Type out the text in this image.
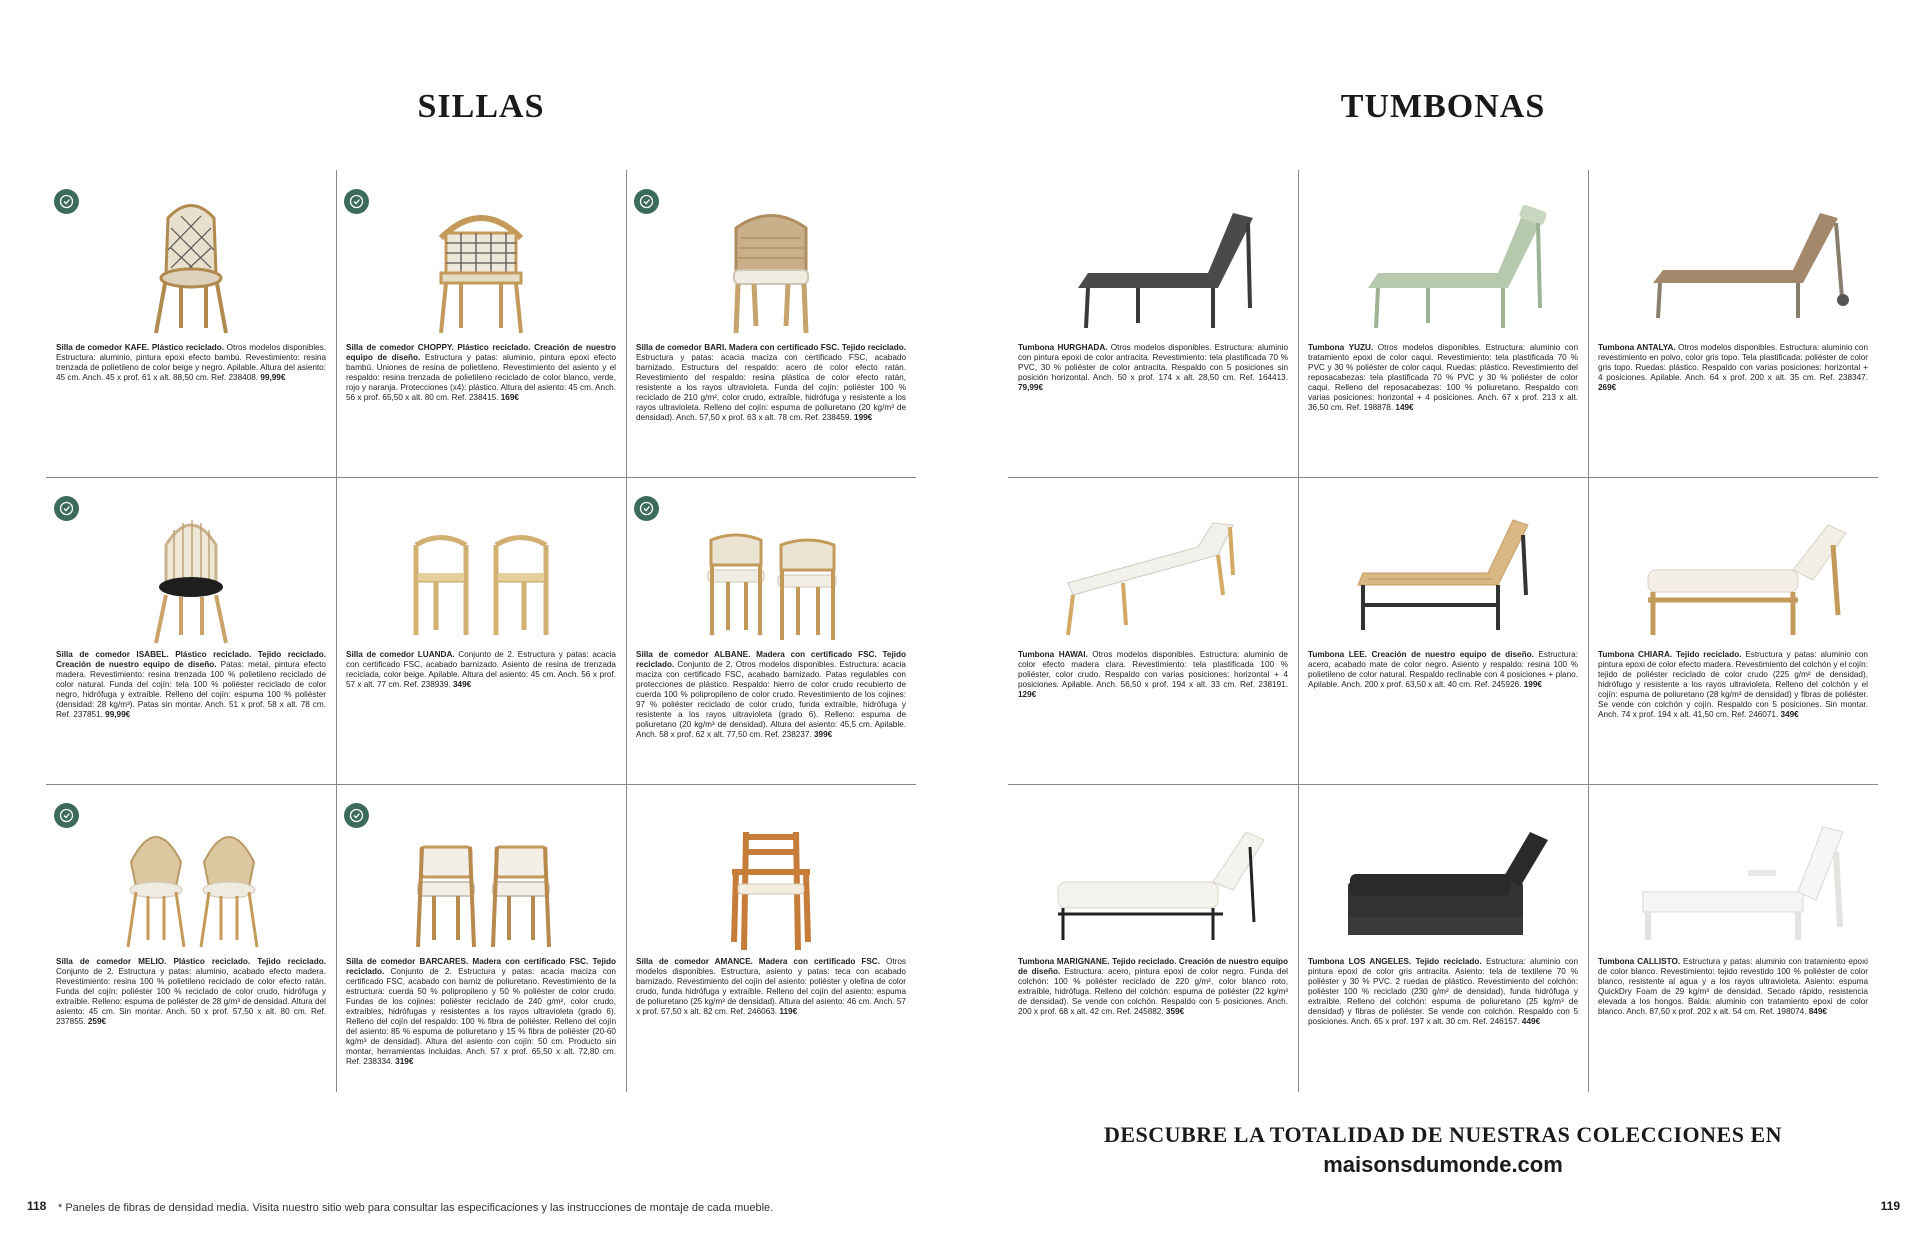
SILLAS	TUMBONAS
Silla de comedor KAFE. Plástico reciclado. Otros modelos disponibles. Estructura: aluminio, pintura epoxi efecto bambú. Revestimiento: resina trenzada de polietileno de color beige y negro. Apilable. Altura del asiento: 45 cm. Anch. 45 x prof. 61 x alt. 88,50 cm. Ref. 238408. 99,99€
Silla de comedor CHOPPY. Plástico reciclado. Creación de nuestro equipo de diseño. Estructura y patas: aluminio, pintura epoxi efecto bambú. Uniones de resina de polietileno. Revestimiento del asiento y el respaldo: resina trenzada de polietileno reciclado de color blanco, verde, rojo y naranja. Protecciones (x4): plástico. Altura del asiento: 45 cm. Anch. 56 x prof. 65,50 x alt. 80 cm. Ref. 238415. 169€
Silla de comedor BARI. Madera con certificado FSC. Tejido reciclado. Estructura y patas: acacia maciza con certificado FSC, acabado barnizado. Estructura del respaldo: acero de color efecto ratán. Revestimiento del respaldo: resina plástica de color efecto ratán, resistente a los rayos ultravioleta. Funda del cojín: poliéster 100 % reciclado de 210 g/m², color crudo, extraíble, hidrófuga y resistente a los rayos ultravioleta. Relleno del cojín: espuma de poliuretano (20 kg/m³ de densidad). Anch. 57,50 x prof. 63 x alt. 78 cm. Ref. 238459. 199€
Silla de comedor ISABEL. Plástico reciclado. Tejido reciclado. Creación de nuestro equipo de diseño. Patas: metal, pintura efecto madera. Revestimiento: resina trenzada 100 % polietileno reciclado de color natural. Funda del cojín: tela 100 % poliéster reciclado de color negro, hidrófuga y extraíble. Relleno del cojín: espuma 100 % poliéster (densidad: 28 kg/m³). Patas sin montar. Anch. 51 x prof. 58 x alt. 78 cm. Ref. 237851. 99,99€
Silla de comedor LUANDA. Conjunto de 2. Estructura y patas: acacia con certificado FSC, acabado barnizado. Asiento de resina de trenzada reciclada, color beige. Apilable. Altura del asiento: 45 cm. Anch. 56 x prof. 57 x alt. 77 cm. Ref. 238939. 349€
Silla de comedor ALBANE. Madera con certificado FSC. Tejido reciclado. Conjunto de 2. Otros modelos disponibles. Estructura: acacia maciza con certificado FSC, acabado barnizado. Patas regulables con protecciones de plástico. Respaldo: hierro de color crudo recubierto de cuerda 100 % polipropileno de color crudo. Revestimiento de los cojines: 97 % poliéster reciclado de color crudo, funda extraíble, hidrófuga y resistente a los rayos ultravioleta (grado 6). Relleno: espuma de poliuretano (20 kg/m³ de densidad). Altura del asiento: 45,5 cm. Apilable. Anch. 58 x prof. 62 x alt. 77,50 cm. Ref. 238237. 399€
Silla de comedor MELIO. Plástico reciclado. Tejido reciclado. Conjunto de 2. Estructura y patas: aluminio, acabado efecto madera. Revestimiento: resina 100 % polietileno reciclado de color efecto ratán. Funda del cojín: poliéster 100 % reciclado de color crudo, hidrófuga y extraíble. Relleno: espuma de poliéster de 28 g/m³ de densidad. Altura del asiento: 45 cm. Sin montar. Anch. 50 x prof. 57,50 x alt. 80 cm. Ref. 237855. 259€
Silla de comedor BARCARES. Madera con certificado FSC. Tejido reciclado. Conjunto de 2. Estructura y patas: acacia maciza con certificado FSC, acabado con barniz de poliuretano. Revestimiento de la estructura: cuerda 50 % polipropileno y 50 % poliéster de color crudo. Fundas de los cojines: poliéster reciclado de 240 g/m², color crudo, extraíbles, hidrófugas y resistentes a los rayos ultravioleta (grado 6). Relleno del cojín del respaldo: 100 % fibra de poliéster. Relleno del cojín del asiento: 85 % espuma de poliuretano y 15 % fibra de poliéster (20-60 kg/m³ de densidad). Altura del asiento con cojín: 50 cm. Producto sin montar, herramientas incluidas. Anch. 57 x prof. 65,50 x alt. 72,80 cm. Ref. 238334. 319€
Silla de comedor AMANCE. Madera con certificado FSC. Otros modelos disponibles. Estructura, asiento y patas: teca con acabado barnizado. Revestimiento del cojín del asiento: poliéster y olefina de color crudo, funda hidrófuga y extraíble. Relleno del cojín del asiento: espuma de poliuretano (25 kg/m³ de densidad). Altura del asiento: 46 cm. Anch. 57 x prof. 57,50 x alt. 82 cm. Ref. 246063. 119€
Tumbona HURGHADA. Otros modelos disponibles. Estructura: aluminio con pintura epoxi de color antracita. Revestimiento: tela plastificada 70 % PVC, 30 % poliéster de color antracita. Respaldo con 5 posiciones sin posición horizontal. Anch. 50 x prof. 174 x alt. 28,50 cm. Ref. 164413. 79,99€
Tumbona YUZU. Otros modelos disponibles. Estructura: aluminio con tratamiento epoxi de color caqui. Revestimiento: tela plastificada 70 % PVC y 30 % poliéster de color caqui. Ruedas: plástico. Revestimiento del reposacabezas: tela plastificada 70 % PVC y 30 % poliéster de color caqui. Relleno del reposacabezas: 100 % poliuretano. Respaldo con varias posiciones: horizontal + 4 posiciones. Anch. 67 x prof. 213 x alt. 36,50 cm. Ref. 198878. 149€
Tumbona ANTALYA. Otros modelos disponibles. Estructura: aluminio con revestimiento en polvo, color gris topo. Tela plastificada: poliéster de color gris topo. Ruedas: plástico. Respaldo con varias posiciones: horizontal + 4 posiciones. Apilable. Anch. 64 x prof. 200 x alt. 35 cm. Ref. 238347. 269€
Tumbona HAWAI. Otros modelos disponibles. Estructura: aluminio de color efecto madera clara. Revestimiento: tela plastificada 100 % poliéster, color crudo. Respaldo con varias posiciones: horizontal + 4 posiciones. Apilable. Anch. 56,50 x prof. 194 x alt. 33 cm. Ref. 238191. 129€
Tumbona LEE. Creación de nuestro equipo de diseño. Estructura: acero, acabado mate de color negro. Asiento y respaldo: resina 100 % polietileno de color natural. Respaldo reclinable con 4 posiciones + plano. Apilable. Anch. 200 x prof. 63,50 x alt. 40 cm. Ref. 245926. 199€
Tumbona CHIARA. Tejido reciclado. Estructura y patas: aluminio con pintura epoxi de color efecto madera. Revestimiento del colchón y el cojín: tejido de poliéster reciclado de color crudo (225 g/m² de densidad), hidrófugo y resistente a los rayos ultravioleta. Relleno del colchón y el cojín: espuma de poliuretano (28 kg/m³ de densidad) y fibras de poliéster. Se vende con colchón y cojín. Respaldo con 5 posiciones. Sin montar. Anch. 74 x prof. 194 x alt. 41,50 cm. Ref. 246071. 349€
Tumbona MARIGNANE. Tejido reciclado. Creación de nuestro equipo de diseño. Estructura: acero, pintura epoxi de color negro. Funda del colchón: 100 % poliéster reciclado de 220 g/m², color blanco roto, extraíble, hidrófuga. Relleno del colchón: espuma de poliéster (22 kg/m³ de densidad). Se vende con colchón. Respaldo con 5 posiciones. Anch. 200 x prof. 68 x alt. 42 cm. Ref. 245882. 359€
Tumbona LOS ANGELES. Tejido reciclado. Estructura: aluminio con pintura epoxi de color gris antracita. Asiento: tela de textilene 70 % poliéster y 30 % PVC. 2 ruedas de plástico. Revestimiento del colchón: poliéster 100 % reciclado (230 g/m² de densidad), funda hidrófuga y extraíble. Relleno del colchón: espuma de poliuretano (25 kg/m³ de densidad) y fibras de poliéster. Se vende con colchón. Respaldo con 5 posiciones. Anch. 65 x prof. 197 x alt. 30 cm. Ref. 246157. 449€
Tumbona CALLISTO. Estructura y patas: aluminio con tratamiento epoxi de color blanco. Revestimiento: tejido revestido 100 % poliéster de color blanco, resistente al agua y a los rayos ultravioleta. Asiento: espuma QuickDry Foam de 29 kg/m³ de densidad. Secado rápido, resistencia elevada a los hongos. Balda: aluminio con tratamiento epoxi de color blanco. Anch. 87,50 x prof. 202 x alt. 54 cm. Ref. 198074. 849€
DESCUBRE LA TOTALIDAD DE NUESTRAS COLECCIONES EN
maisonsdumonde.com
* Paneles de fibras de densidad media. Visita nuestro sitio web para consultar las especificaciones y las instrucciones de montaje de cada mueble.
118	119
